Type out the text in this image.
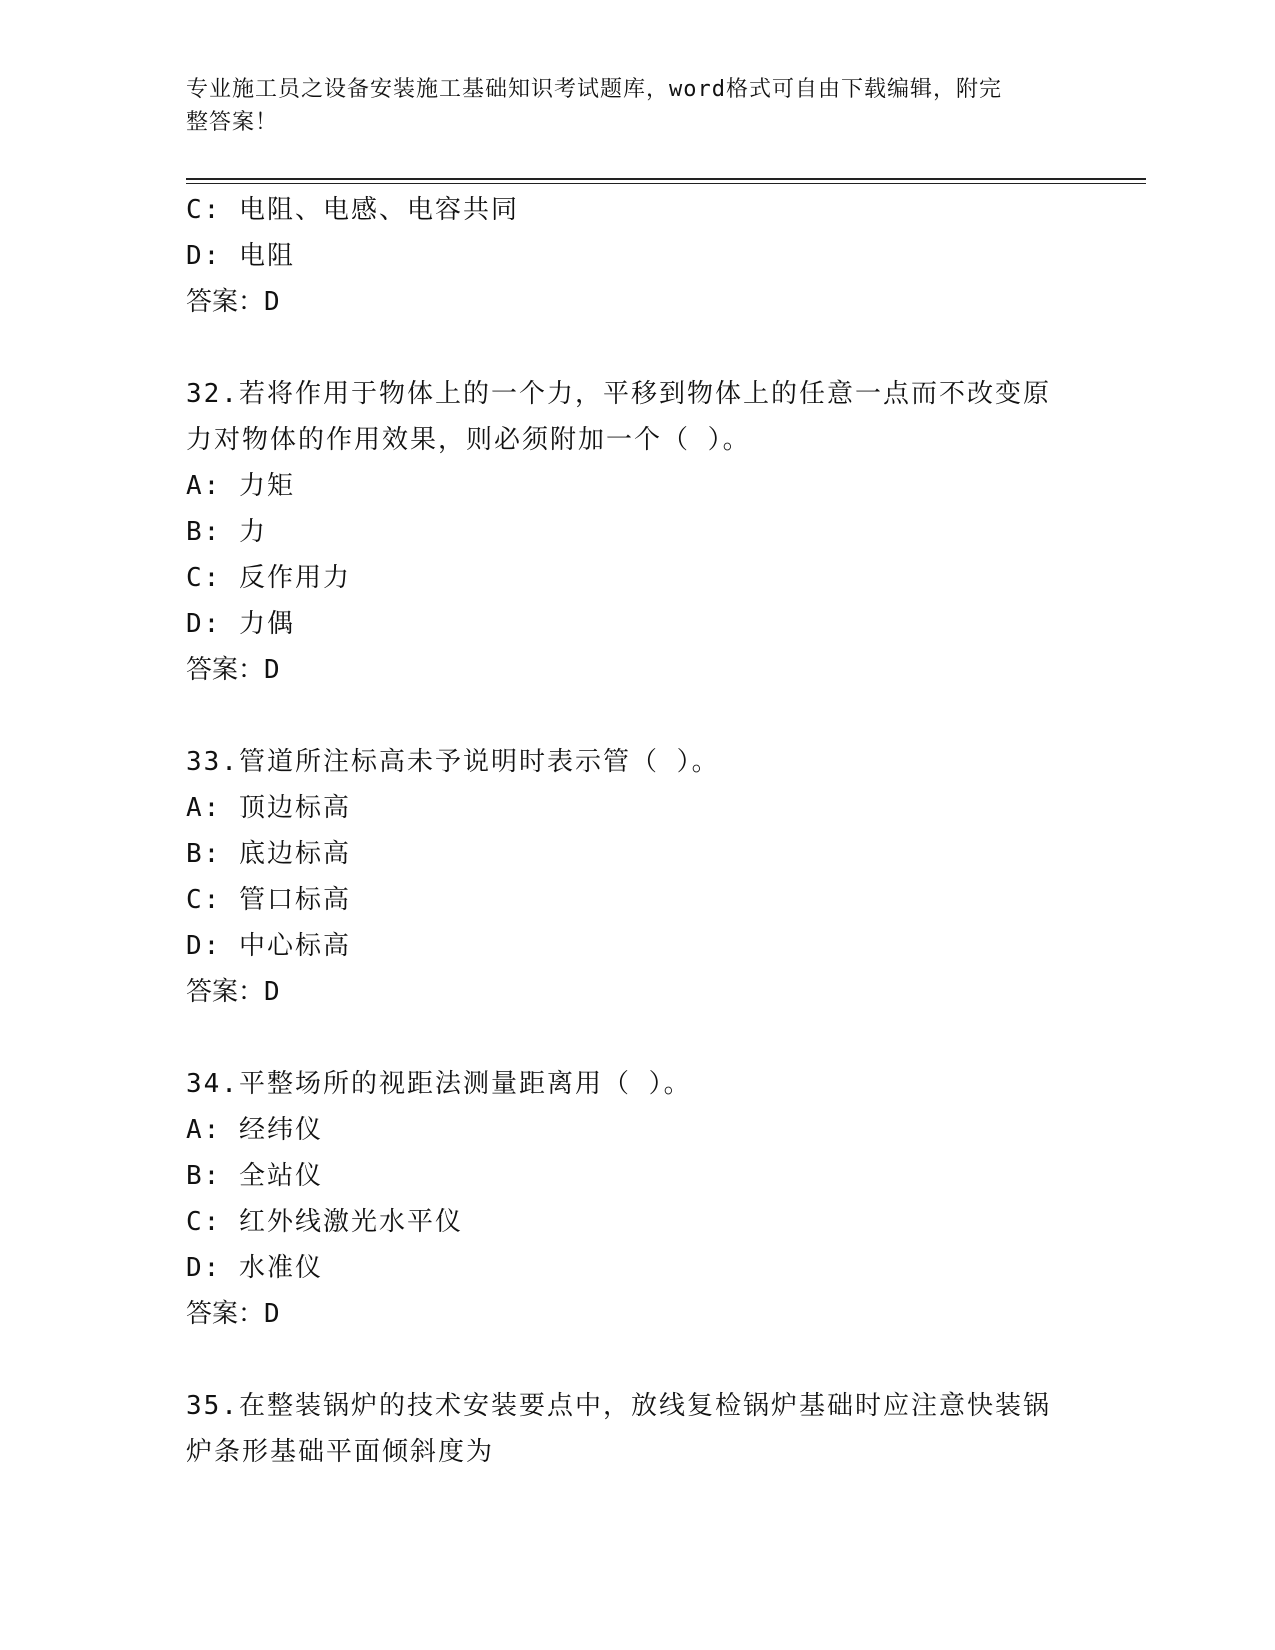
专业施工员之设备安装施工基础知识考试题库，word格式可自由下载编辑，附完
整答案！
C: 电阻、电感、电容共同
D: 电阻
答案：D
32.若将作用于物体上的一个力，平移到物体上的任意一点而不改变原
力对物体的作用效果，则必须附加一个（ ）。
A: 力矩
B: 力
C: 反作用力
D: 力偶
答案：D
33.管道所注标高未予说明时表示管（ ）。
A: 顶边标高
B: 底边标高
C: 管口标高
D: 中心标高
答案：D
34.平整场所的视距法测量距离用（ ）。
A: 经纬仪
B: 全站仪
C: 红外线激光水平仪
D: 水准仪
答案：D
35.在整装锅炉的技术安装要点中，放线复检锅炉基础时应注意快装锅
炉条形基础平面倾斜度为
